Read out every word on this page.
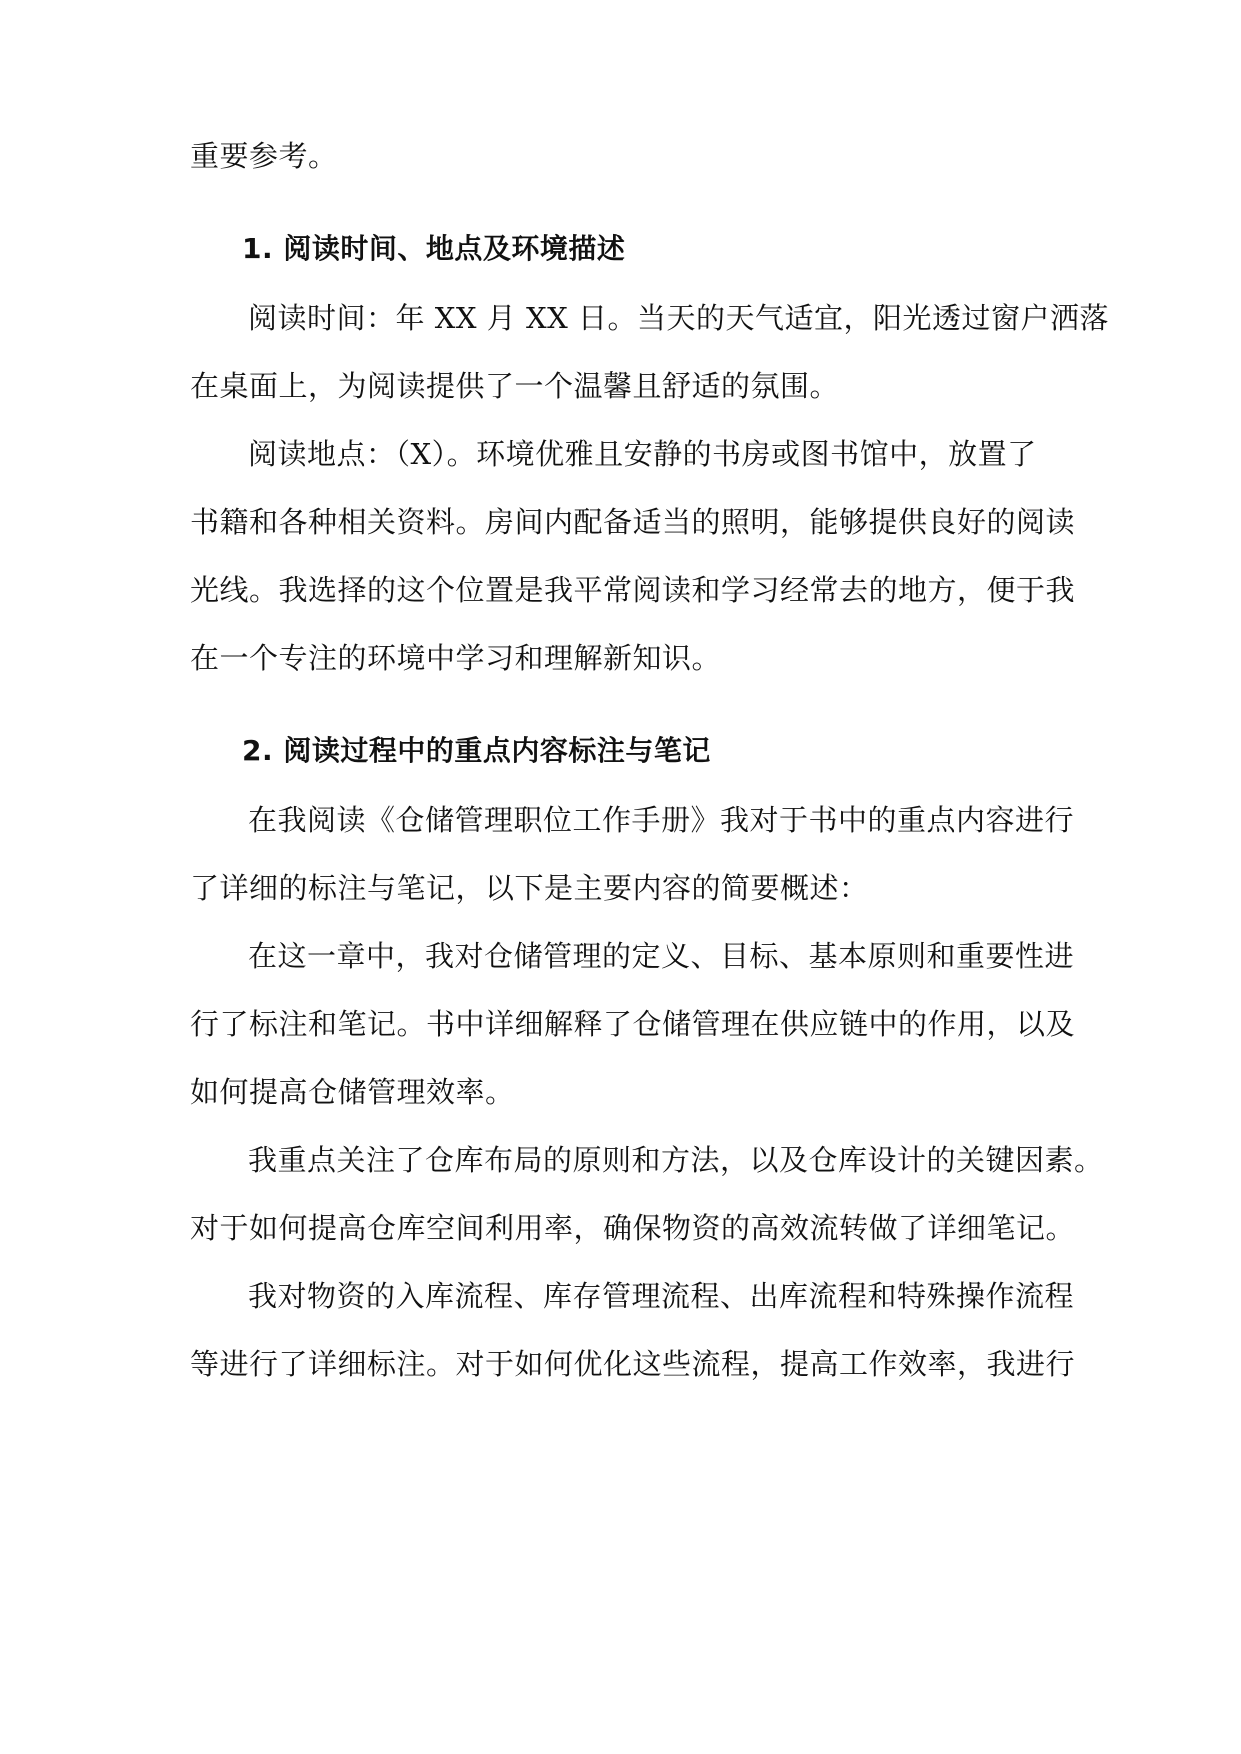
重要参考。
1. 阅读时间、地点及环境描述
阅读时间：年 XX 月 XX 日。当天的天气适宜，阳光透过窗户洒落
在桌面上，为阅读提供了一个温馨且舒适的氛围。
阅读地点：（X）。环境优雅且安静的书房或图书馆中，放置了
书籍和各种相关资料。房间内配备适当的照明，能够提供良好的阅读
光线。我选择的这个位置是我平常阅读和学习经常去的地方，便于我
在一个专注的环境中学习和理解新知识。
2. 阅读过程中的重点内容标注与笔记
在我阅读《仓储管理职位工作手册》我对于书中的重点内容进行
了详细的标注与笔记，以下是主要内容的简要概述：
在这一章中，我对仓储管理的定义、目标、基本原则和重要性进
行了标注和笔记。书中详细解释了仓储管理在供应链中的作用，以及
如何提高仓储管理效率。
我重点关注了仓库布局的原则和方法，以及仓库设计的关键因素。
对于如何提高仓库空间利用率，确保物资的高效流转做了详细笔记。
我对物资的入库流程、库存管理流程、出库流程和特殊操作流程
等进行了详细标注。对于如何优化这些流程，提高工作效率，我进行
